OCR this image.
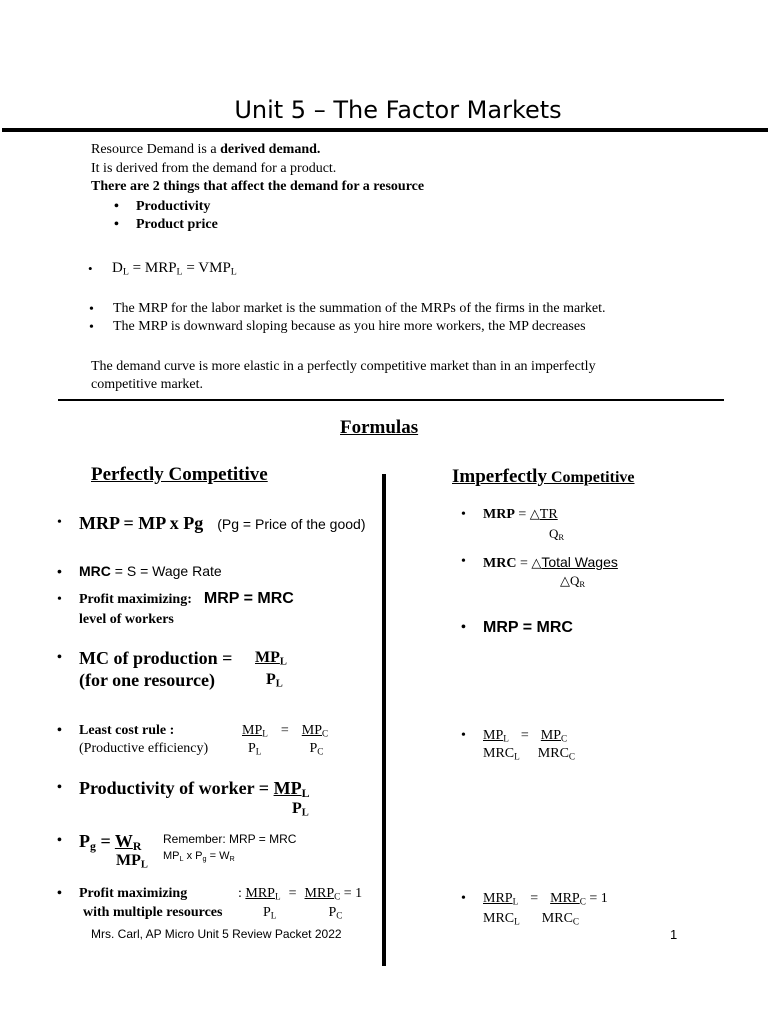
Unit 5 – The Factor Markets
Resource Demand is a derived demand.
It is derived from the demand for a product.
There are 2 things that affect the demand for a resource
• Productivity
• Product price
• $D_L = MRP_L = VMP_L$
• The MRP for the labor market is the summation of the MRPs of the firms in the market.
• The MRP is downward sloping because as you hire more workers, the MP decreases
The demand curve is more elastic in a perfectly competitive market than in an imperfectly
competitive market.
Formulas
Perfectly Competitive	Imperfectly Competitive
• MRP = MP x Pg (Pg = Price of the good)
• MRC = S = Wage Rate
• Profit maximizing: MRP = MRC
level of workers
• MC of production =
(for one resource)
$MP_L$
$P_L$
• Least cost rule :
(Productive efficiency)
$MP_L = MP_C$
$P_L$	$P_C$
• Productivity of worker = $MP_L$
$P_L$
• $P_g = W_R$
$MP_L$
Remember: MRP = MRC
$MP_L$ x $P_g = W_R$
• Profit maximizing	: $MRP_L = MRP_C = 1$
with multiple resources	$P_L$	$P_C$
• MRP = △TR
QR
• MRC = △Total Wages
△QR
• MRP = MRC
• $MP_L = MP_C$
$MRC_L$ $MRC_C$
• $MRP_L = MRP_C = 1$
$MRC_L$ $MRC_C$
Mrs. Carl, AP Micro Unit 5 Review Packet 2022	1
